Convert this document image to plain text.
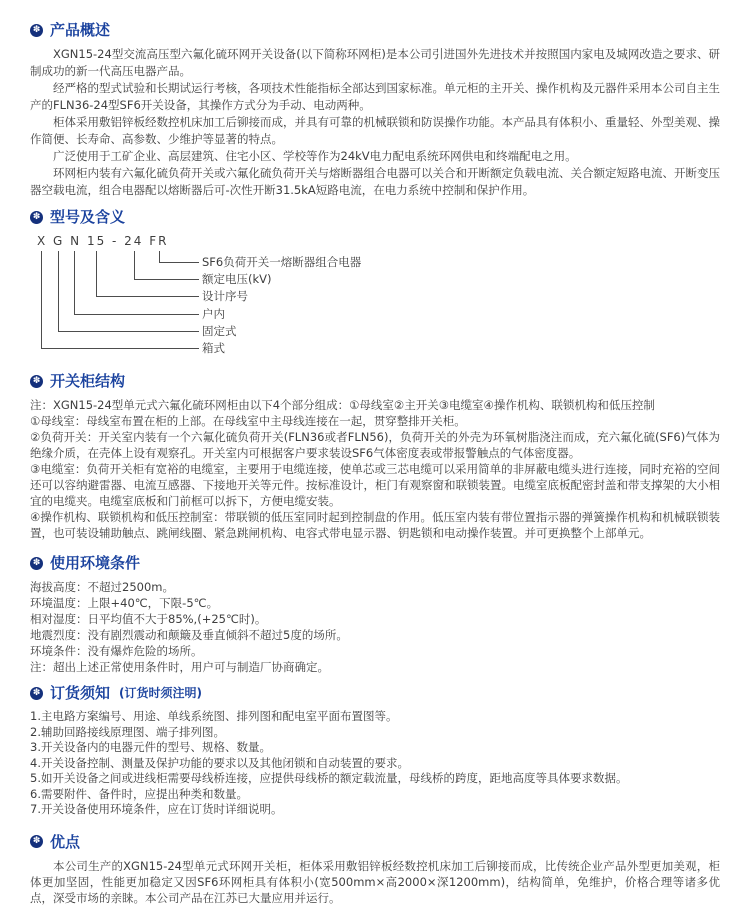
✽ 产品概述

XGN15-24型交流高压型六氟化硫环网开关设备(以下简称环网柜)是本公司引进国外先进技术并按照国内家电及城网改造之要求、研制成功的新一代高压电器产品。

经严格的型式试验和长期试运行考核，各项技术性能指标全部达到国家标准。单元柜的主开关、操作机构及元器件采用本公司自主生产的FLN36-24型SF6开关设备，其操作方式分为手动、电动两种。

柜体采用敷铝锌板经数控机床加工后铆接而成，并具有可靠的机械联锁和防误操作功能。本产品具有体积小、重量轻、外型美观、操作简便、长寿命、高参数、少维护等显著的特点。

广泛使用于工矿企业、高层建筑、住宅小区、学校等作为24kV电力配电系统环网供电和终端配电之用。

环网柜内装有六氟化硫负荷开关或六氟化硫负荷开关与熔断器组合电器可以关合和开断额定负载电流、关合额定短路电流、开断变压器空载电流，组合电器配以熔断器后可-次性开断31.5kA短路电流，在电力系统中控制和保护作用。

✽ 型号及含义
X G N 15 - 24 FR
SF6负荷开关一熔断器组合电器
额定电压(kV)
设计序号
户内
固定式
箱式
✽ 开关柜结构

注：XGN15-24型单元式六氟化硫环网柜由以下4个部分组成：①母线室②主开关③电缆室④操作机构、联锁机构和低压控制

①母线室：母线室布置在柜的上部。在母线室中主母线连接在一起，贯穿整排开关柜。

②负荷开关：开关室内装有一个六氟化硫负荷开关(FLN36或者FLN56)，负荷开关的外壳为环氧树脂浇注而成，充六氟化硫(SF6)气体为绝缘介质，在壳体上设有观察孔。开关室内可根据客户要求装设SF6气体密度表或带报警触点的气体密度器。

③电缆室：负荷开关柜有宽裕的电缆室，主要用于电缆连接，使单芯或三芯电缆可以采用简单的非屏蔽电缆头进行连接，同时充裕的空间还可以容纳避雷器、电流互感器、下接地开关等元件。按标准设计，柜门有观察窗和联锁装置。电缆室底板配密封盖和带支撑架的大小相宜的电缆夹。电缆室底板和门前框可以拆下，方便电缆安装。

④操作机构、联锁机构和低压控制室：带联锁的低压室同时起到控制盘的作用。低压室内装有带位置指示器的弹簧操作机构和机械联锁装置，也可装设辅助触点、跳闸线圈、紧急跳闸机构、电容式带电显示器、钥匙锁和电动操作装置。并可更换整个上部单元。

✽ 使用环境条件

海拔高度：不超过2500m。

环境温度：上限+40℃，下限-5℃。

相对湿度：日平均值不大于85%,(+25℃时)。

地震烈度：没有剧烈震动和颠簸及垂直倾斜不超过5度的场所。

环境条件：没有爆炸危险的场所。

注：超出上述正常使用条件时，用户可与制造厂协商确定。

✽ 订货须知 (订货时须注明)

1.主电路方案编号、用途、单线系统图、排列图和配电室平面布置图等。

2.辅助回路接线原理图、端子排列图。

3.开关设备内的电器元件的型号、规格、数量。

4.开关设备控制、测量及保护功能的要求以及其他闭锁和自动装置的要求。

5.如开关设备之间或进线柜需要母线桥连接，应提供母线桥的额定载流量，母线桥的跨度，距地高度等具体要求数据。

6.需要附件、备件时，应提出种类和数量。

7.开关设备使用环境条件，应在订货时详细说明。

✽ 优点

本公司生产的XGN15-24型单元式环网开关柜，柜体采用敷铝锌板经数控机床加工后铆接而成，比传统企业产品外型更加美观，柜体更加坚固，性能更加稳定又因SF6环网柜具有体积小(宽500mm×高2000×深1200mm)，结构简单，免维护，价格合理等诸多优点，深受市场的亲睐。本公司产品在江苏已大量应用并运行。
